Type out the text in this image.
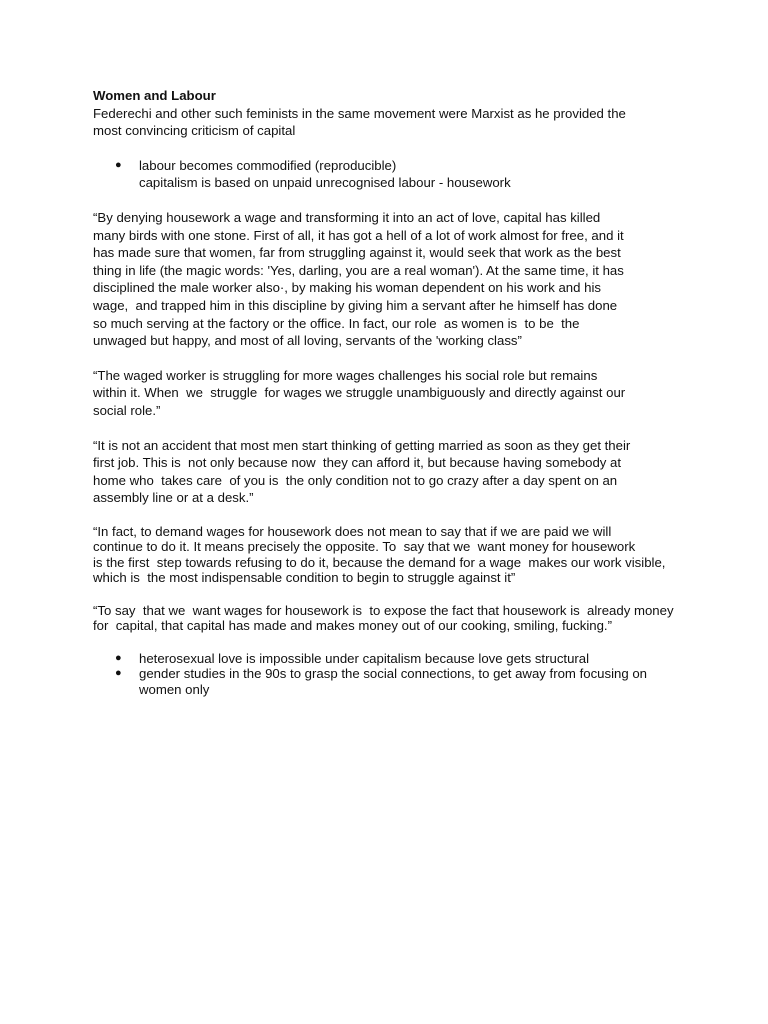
Women and Labour

Federechi and other such feminists in the same movement were Marxist as he provided the
most convincing criticism of capital

● labour becomes commodified (reproducible)
capitalism is based on unpaid unrecognised labour - housework

“By denying housework a wage and transforming it into an act of love, capital has killed
many birds with one stone. First of all, it has got a hell of a lot of work almost for free, and it
has made sure that women, far from struggling against it, would seek that work as the best
thing in life (the magic words: 'Yes, darling, you are a real woman'). At the same time, it has
disciplined the male worker also·, by making his woman dependent on his work and his
wage,  and trapped him in this discipline by giving him a servant after he himself has done
so much serving at the factory or the office. In fact, our role  as women is  to be  the
unwaged but happy, and most of all loving, servants of the 'working class”

“The waged worker is struggling for more wages challenges his social role but remains
within it. When  we  struggle  for wages we struggle unambiguously and directly against our
social role.”

“It is not an accident that most men start thinking of getting married as soon as they get their
first job. This is  not only because now  they can afford it, but because having somebody at
home who  takes care  of you is  the only condition not to go crazy after a day spent on an
assembly line or at a desk.”

“In fact, to demand wages for housework does not mean to say that if we are paid we will
continue to do it. It means precisely the opposite. To  say that we  want money for housework
is the first  step towards refusing to do it, because the demand for a wage  makes our work visible,
which is  the most indispensable condition to begin to struggle against it”

“To say  that we  want wages for housework is  to expose the fact that housework is  already money
for  capital, that capital has made and makes money out of our cooking, smiling, fucking.”

● heterosexual love is impossible under capitalism because love gets structural
● gender studies in the 90s to grasp the social connections, to get away from focusing on
women only
